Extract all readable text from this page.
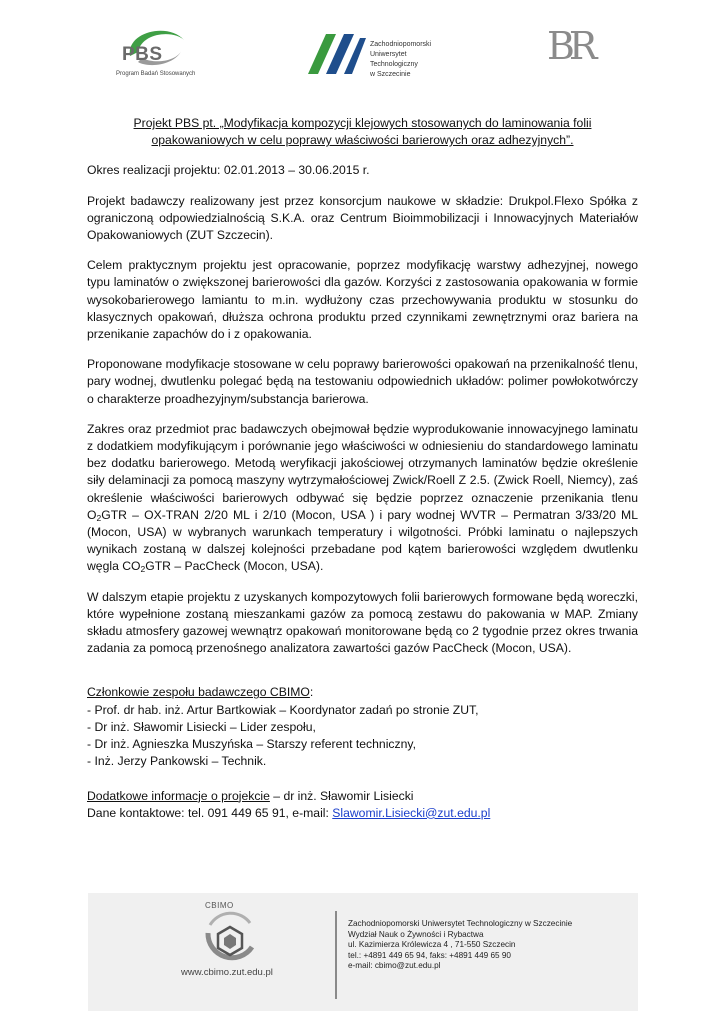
PBS
Program Badań Stosowanych
Zachodniopomorski
Uniwersytet
Technologiczny
w Szczecinie
BR

Projekt PBS pt. „Modyfikacja kompozycji klejowych stosowanych do laminowania folii opakowaniowych w celu poprawy właściwości barierowych oraz adhezyjnych”.

Okres realizacji projektu: 02.01.2013 – 30.06.2015 r.

Projekt badawczy realizowany jest przez konsorcjum naukowe w składzie: Drukpol.Flexo Spółka z ograniczoną odpowiedzialnością S.K.A. oraz Centrum Bioimmobilizacji i Innowacyjnych Materiałów Opakowaniowych (ZUT Szczecin).

Celem praktycznym projektu jest opracowanie, poprzez modyfikację warstwy adhezyjnej, nowego typu laminatów o zwiększonej barierowości dla gazów. Korzyści z zastosowania opakowania w formie wysokobarierowego lamiantu to m.in. wydłużony czas przechowywania produktu w stosunku do klasycznych opakowań, dłuższa ochrona produktu przed czynnikami zewnętrznymi oraz bariera na przenikanie zapachów do i z opakowania.

Proponowane modyfikacje stosowane w celu poprawy barierowości opakowań na przenikalność tlenu, pary wodnej, dwutlenku polegać będą na testowaniu odpowiednich układów: polimer powłokotwórczy o charakterze proadhezyjnym/substancja barierowa.

Zakres oraz przedmiot prac badawczych obejmował będzie wyprodukowanie innowacyjnego laminatu z dodatkiem modyfikującym i porównanie jego właściwości w odniesieniu do standardowego laminatu bez dodatku barierowego. Metodą weryfikacji jakościowej otrzymanych laminatów będzie określenie siły delaminacji za pomocą maszyny wytrzymałościowej Zwick/Roell Z 2.5. (Zwick Roell, Niemcy), zaś określenie właściwości barierowych odbywać się będzie poprzez oznaczenie przenikania tlenu $O_2GTR$ – OX-TRAN 2/20 ML i 2/10 (Mocon, USA ) i pary wodnej WVTR – Permatran 3/33/20 ML (Mocon, USA) w wybranych warunkach temperatury i wilgotności. Próbki laminatu o najlepszych wynikach zostaną w dalszej kolejności przebadane pod kątem barierowości względem dwutlenku węgla $CO_2GTR$ – PacCheck (Mocon, USA).

W dalszym etapie projektu z uzyskanych kompozytowych folii barierowych formowane będą woreczki, które wypełnione zostaną mieszankami gazów za pomocą zestawu do pakowania w MAP. Zmiany składu atmosfery gazowej wewnątrz opakowań monitorowane będą co 2 tygodnie przez okres trwania zadania za pomocą przenośnego analizatora zawartości gazów PacCheck (Mocon, USA).

Członkowie zespołu badawczego CBIMO:
- Prof. dr hab. inż. Artur Bartkowiak – Koordynator zadań po stronie ZUT,
- Dr inż. Sławomir Lisiecki – Lider zespołu,
- Dr inż. Agnieszka Muszyńska – Starszy referent techniczny,
- Inż. Jerzy Pankowski – Technik.
Dodatkowe informacje o projekcie – dr inż. Sławomir Lisiecki
Dane kontaktowe: tel. 091 449 65 91, e-mail: Slawomir.Lisiecki@zut.edu.pl
CBIMO
www.cbimo.zut.edu.pl
Zachodniopomorski Uniwersytet Technologiczny w Szczecinie
Wydział Nauk o Żywności i Rybactwa
ul. Kazimierza Królewicza 4 , 71-550 Szczecin
tel.: +4891 449 65 94, faks: +4891 449 65 90
e-mail: cbimo@zut.edu.pl
